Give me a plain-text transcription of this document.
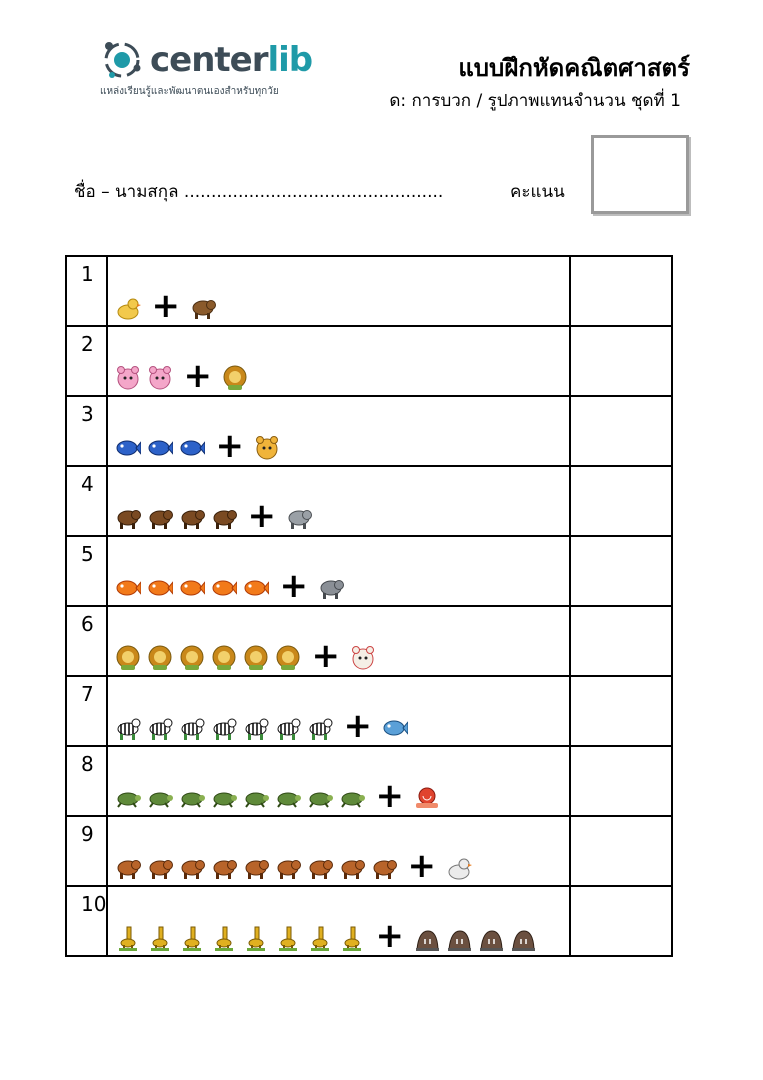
centerlib
แหล่งเรียนรู้และพัฒนาตนเองสำหรับทุกวัย
แบบฝึกหัดคณิตศาสตร์
ด: การบวก / รูปภาพแทนจำนวน ชุดที่ 1
ชื่อ – นามสกุล ................................................	คะแนน
1	+	

2	+	

3	+	

4	+	

5	+	

6	+	

7	+	

8	+	

9	+	

10	+	
